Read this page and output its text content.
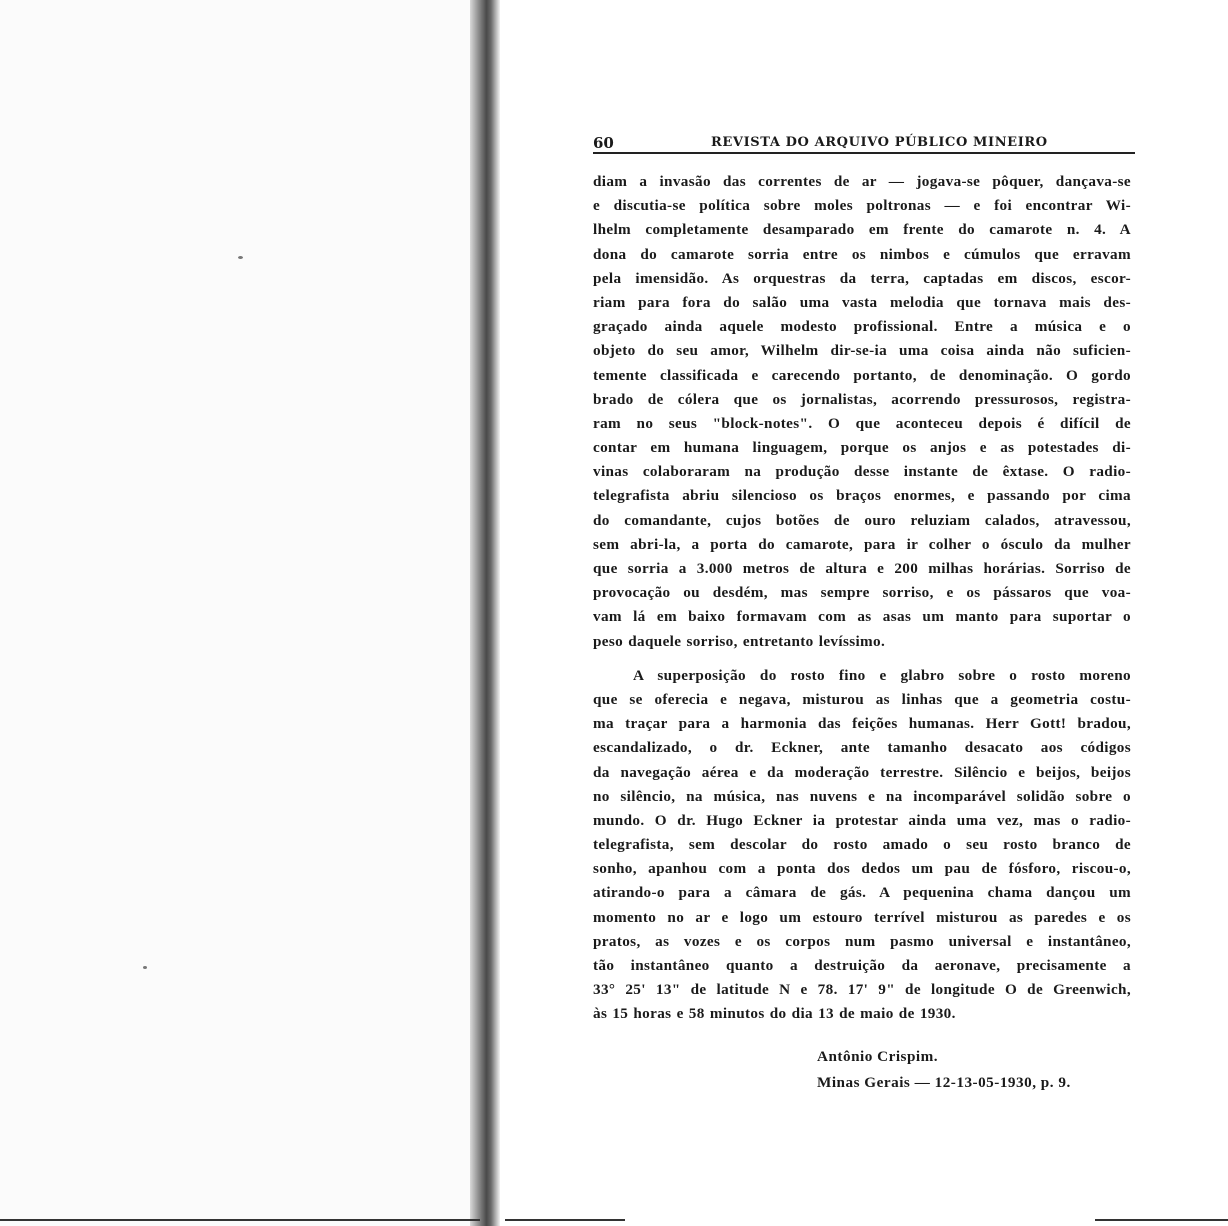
60	REVISTA DO ARQUIVO PÚBLICO MINEIRO
diam a invasão das correntes de ar — jogava-se pôquer, dançava-se
e discutia-se política sobre moles poltronas — e foi encontrar Wi-
lhelm completamente desamparado em frente do camarote n. 4. A
dona do camarote sorria entre os nimbos e cúmulos que erravam
pela imensidão. As orquestras da terra, captadas em discos, escor-
riam para fora do salão uma vasta melodia que tornava mais des-
graçado ainda aquele modesto profissional. Entre a música e o
objeto do seu amor, Wilhelm dir-se-ia uma coisa ainda não suficien-
temente classificada e carecendo portanto, de denominação. O gordo
brado de cólera que os jornalistas, acorrendo pressurosos, registra-
ram no seus "block-notes". O que aconteceu depois é difícil de
contar em humana linguagem, porque os anjos e as potestades di-
vinas colaboraram na produção desse instante de êxtase. O radio-
telegrafista abriu silencioso os braços enormes, e passando por cima
do comandante, cujos botões de ouro reluziam calados, atravessou,
sem abri-la, a porta do camarote, para ir colher o ósculo da mulher
que sorria a 3.000 metros de altura e 200 milhas horárias. Sorriso de
provocação ou desdém, mas sempre sorriso, e os pássaros que voa-
vam lá em baixo formavam com as asas um manto para suportar o
peso daquele sorriso, entretanto levíssimo.
A superposição do rosto fino e glabro sobre o rosto moreno
que se oferecia e negava, misturou as linhas que a geometria costu-
ma traçar para a harmonia das feições humanas. Herr Gott! bradou,
escandalizado, o dr. Eckner, ante tamanho desacato aos códigos
da navegação aérea e da moderação terrestre. Silêncio e beijos, beijos
no silêncio, na música, nas nuvens e na incomparável solidão sobre o
mundo. O dr. Hugo Eckner ia protestar ainda uma vez, mas o radio-
telegrafista, sem descolar do rosto amado o seu rosto branco de
sonho, apanhou com a ponta dos dedos um pau de fósforo, riscou-o,
atirando-o para a câmara de gás. A pequenina chama dançou um
momento no ar e logo um estouro terrível misturou as paredes e os
pratos, as vozes e os corpos num pasmo universal e instantâneo,
tão instantâneo quanto a destruição da aeronave, precisamente a
33° 25' 13" de latitude N e 78. 17' 9" de longitude O de Greenwich,
às 15 horas e 58 minutos do dia 13 de maio de 1930.
Antônio Crispim.
Minas Gerais — 12-13-05-1930, p. 9.
